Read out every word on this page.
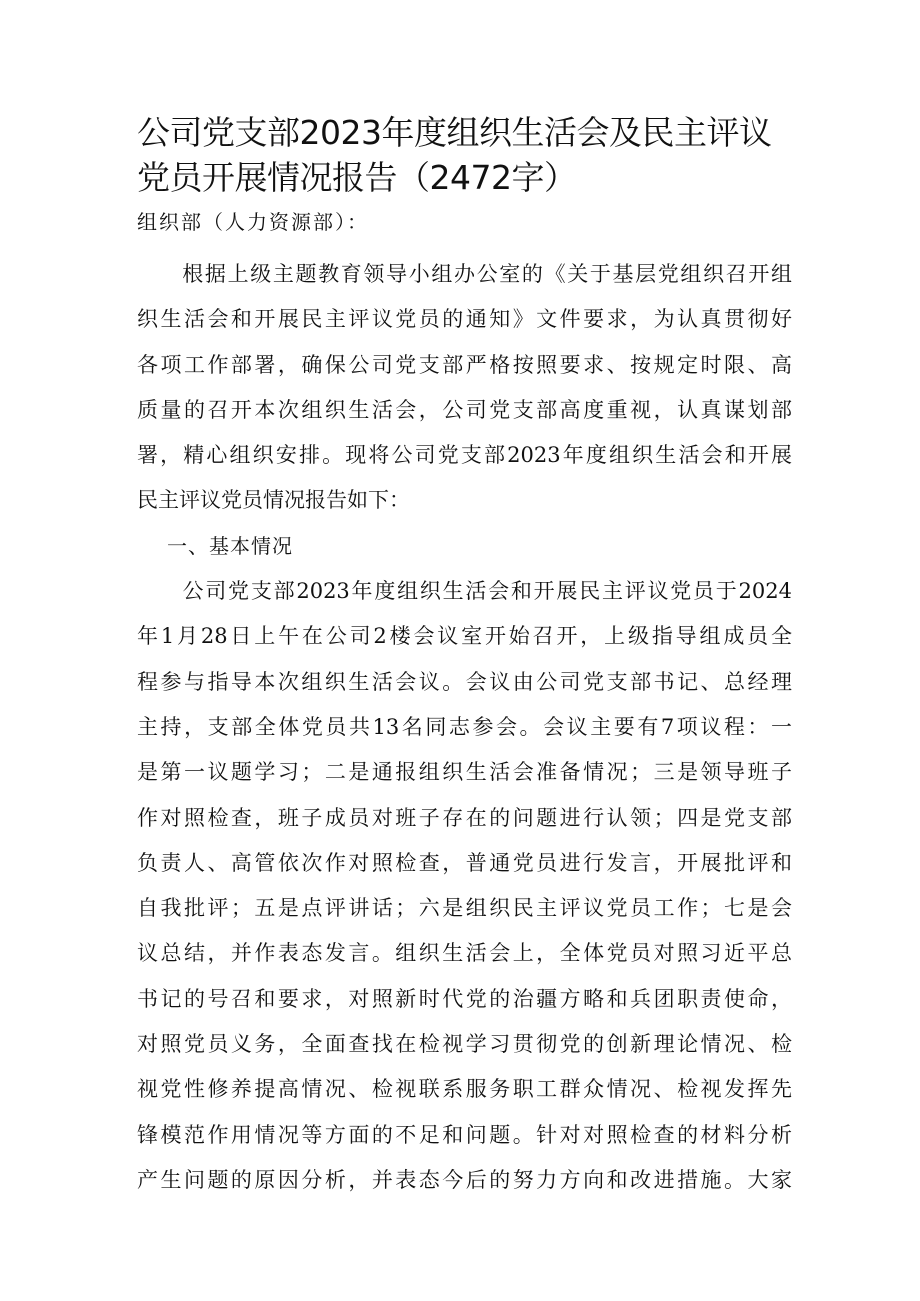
公司党支部2023年度组织生活会及民主评议
党员开展情况报告（2472字）

组织部（人力资源部）：

　　根据上级主题教育领导小组办公室的《关于基层党组织召开组
织生活会和开展民主评议党员的通知》文件要求，为认真贯彻好
各项工作部署，确保公司党支部严格按照要求、按规定时限、高
质量的召开本次组织生活会，公司党支部高度重视，认真谋划部
署，精心组织安排。现将公司党支部2023年度组织生活会和开展
民主评议党员情况报告如下：

一、基本情况

　　公司党支部2023年度组织生活会和开展民主评议党员于2024
年1月28日上午在公司2楼会议室开始召开，上级指导组成员全
程参与指导本次组织生活会议。会议由公司党支部书记、总经理
主持，支部全体党员共13名同志参会。会议主要有7项议程：一
是第一议题学习；二是通报组织生活会准备情况；三是领导班子
作对照检查，班子成员对班子存在的问题进行认领；四是党支部
负责人、高管依次作对照检查，普通党员进行发言，开展批评和
自我批评；五是点评讲话；六是组织民主评议党员工作；七是会
议总结，并作表态发言。组织生活会上，全体党员对照习近平总
书记的号召和要求，对照新时代党的治疆方略和兵团职责使命，
对照党员义务，全面查找在检视学习贯彻党的创新理论情况、检
视党性修养提高情况、检视联系服务职工群众情况、检视发挥先
锋模范作用情况等方面的不足和问题。针对对照检查的材料分析
产生问题的原因分析，并表态今后的努力方向和改进措施。大家
